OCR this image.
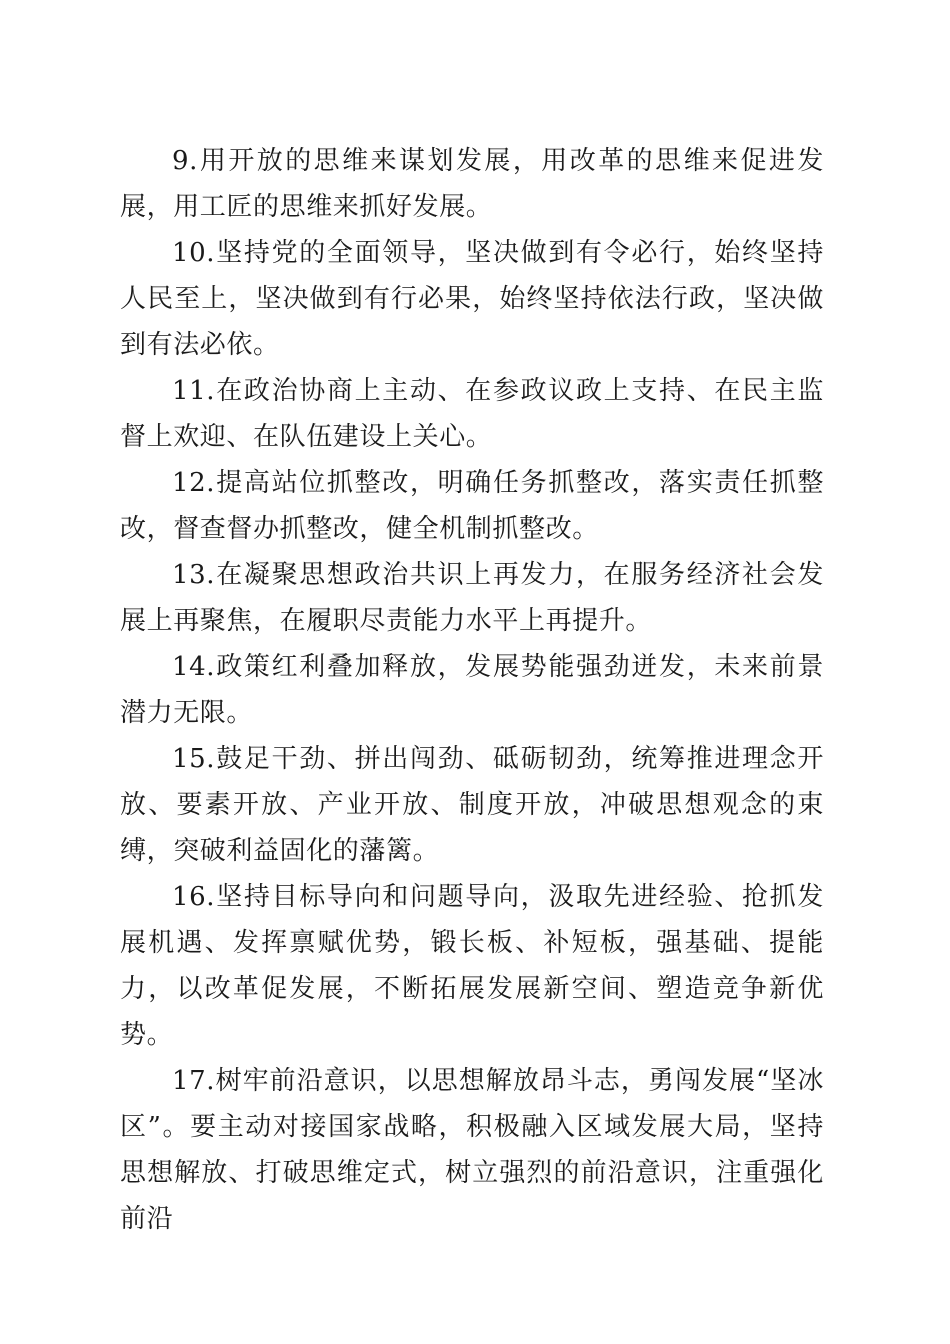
9.用开放的思维来谋划发展，用改革的思维来促进发展，用工匠的思维来抓好发展。

10.坚持党的全面领导，坚决做到有令必行，始终坚持人民至上，坚决做到有行必果，始终坚持依法行政，坚决做到有法必依。

11.在政治协商上主动、在参政议政上支持、在民主监督上欢迎、在队伍建设上关心。

12.提高站位抓整改，明确任务抓整改，落实责任抓整改，督查督办抓整改，健全机制抓整改。

13.在凝聚思想政治共识上再发力，在服务经济社会发展上再聚焦，在履职尽责能力水平上再提升。

14.政策红利叠加释放，发展势能强劲迸发，未来前景潜力无限。

15.鼓足干劲、拼出闯劲、砥砺韧劲，统筹推进理念开放、要素开放、产业开放、制度开放，冲破思想观念的束缚，突破利益固化的藩篱。

16.坚持目标导向和问题导向，汲取先进经验、抢抓发展机遇、发挥禀赋优势，锻长板、补短板，强基础、提能力，以改革促发展，不断拓展发展新空间、塑造竞争新优势。

17.树牢前沿意识，以思想解放昂斗志，勇闯发展“坚冰区”。要主动对接国家战略，积极融入区域发展大局，坚持思想解放、打破思维定式，树立强烈的前沿意识，注重强化前沿
